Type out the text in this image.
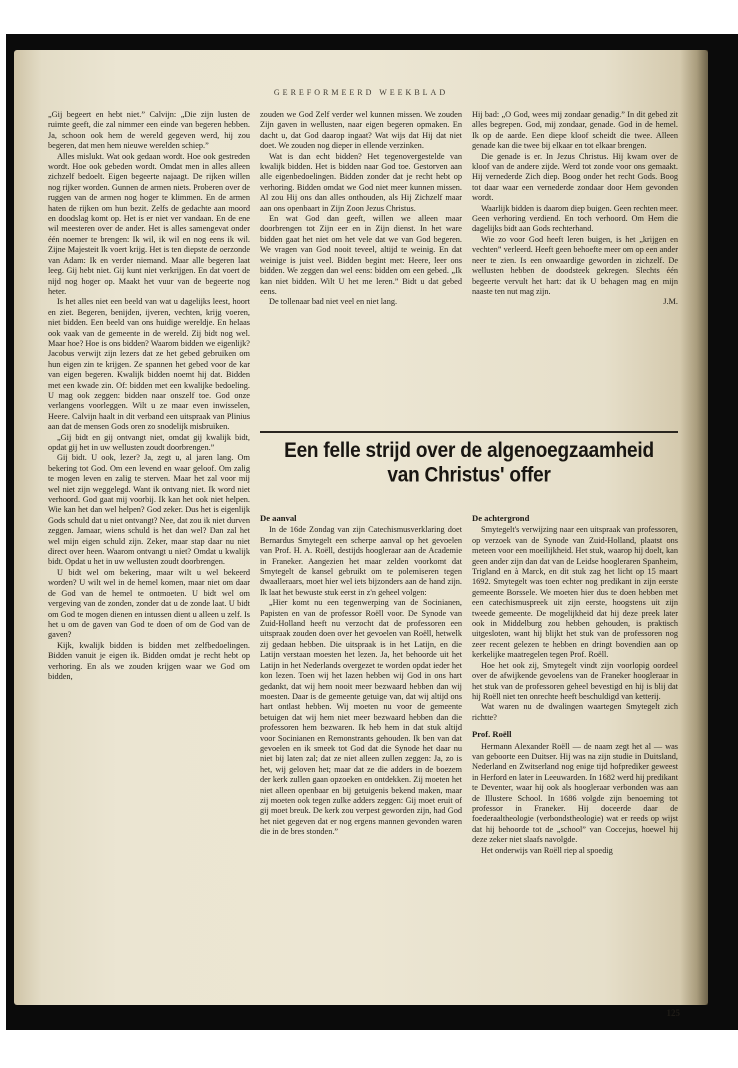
GEREFORMEERD WEEKBLAD

„Gij begeert en hebt niet.” Calvijn: „Die zijn lusten de ruimte geeft, die zal nimmer een einde van begeren hebben. Ja, schoon ook hem de wereld gegeven werd, hij zou begeren, dat men hem nieuwe werelden schiep.”

Alles mislukt. Wat ook gedaan wordt. Hoe ook gestreden wordt. Hoe ook gebeden wordt. Omdat men in alles alleen zichzelf bedoelt. Eigen begeerte najaagt. De rijken willen nog rijker worden. Gunnen de armen niets. Proberen over de ruggen van de armen nog hoger te klimmen. En de armen haten de rijken om hun bezit. Zelfs de gedachte aan moord en doodslag komt op. Het is er niet ver vandaan. En de ene wil meesteren over de ander. Het is alles samengevat onder één noemer te brengen: Ik wil, ik wil en nog eens ik wil. Zijne Majesteit Ik voert krijg. Het is ten diepste de oerzonde van Adam: Ik en verder niemand. Maar alle begeren laat leeg. Gij hebt niet. Gij kunt niet verkrijgen. En dat voert de nijd nog hoger op. Maakt het vuur van de begeerte nog heter.

Is het alles niet een beeld van wat u dagelijks leest, hoort en ziet. Begeren, benijden, ijveren, vechten, krijg voeren, niet bidden. Een beeld van ons huidige wereldje. En helaas ook vaak van de gemeente in de wereld. Zij bidt nog wel. Maar hoe? Hoe is ons bidden? Waarom bidden we eigenlijk? Jacobus verwijt zijn lezers dat ze het gebed gebruiken om hun eigen zin te krijgen. Ze spannen het gebed voor de kar van eigen begeren. Kwalijk bidden noemt hij dat. Bidden met een kwade zin. Of: bidden met een kwalijke bedoeling. U mag ook zeggen: bidden naar onszelf toe. God onze verlangens voorleggen. Wilt u ze maar even inwisselen, Heere. Calvijn haalt in dit verband een uitspraak van Plinius aan dat de mensen Gods oren zo snodelijk misbruiken.

„Gij bidt en gij ontvangt niet, omdat gij kwalijk bidt, opdat gij het in uw wellusten zoudt doorbrengen.”

Gij bidt. U ook, lezer? Ja, zegt u, al jaren lang. Om bekering tot God. Om een levend en waar geloof. Om zalig te mogen leven en zalig te sterven. Maar het zal voor mij wel niet zijn weggelegd. Want ik ontvang niet. Ik word niet verhoord. God gaat mij voorbij. Ik kan het ook niet helpen. Wie kan het dan wel helpen? God zeker. Dus het is eigenlijk Gods schuld dat u niet ontvangt? Nee, dat zou ik niet durven zeggen. Jamaar, wiens schuld is het dan wel? Dan zal het wel mijn eigen schuld zijn. Zeker, maar stap daar nu niet direct over heen. Waarom ontvangt u niet? Omdat u kwalijk bidt. Opdat u het in uw wellusten zoudt doorbrengen.

U bidt wel om bekering, maar wilt u wel bekeerd worden? U wilt wel in de hemel komen, maar niet om daar de God van de hemel te ontmoeten. U bidt wel om vergeving van de zonden, zonder dat u de zonde laat. U bidt om God te mogen dienen en intussen dient u alleen u zelf. Is het u om de gaven van God te doen of om de God van de gaven?

Kijk, kwalijk bidden is bidden met zelfbedoelingen. Bidden vanuit je eigen ik. Bidden omdat je recht hebt op verhoring. En als we zouden krijgen waar we God om bidden,

zouden we God Zelf verder wel kunnen missen. We zouden Zijn gaven in wellusten, naar eigen begeren opmaken. En dacht u, dat God daarop ingaat? Wat wijs dat Hij dat niet doet. We zouden nog dieper in ellende verzinken.

Wat is dan echt bidden? Het tegenovergestelde van kwalijk bidden. Het is bidden naar God toe. Gestorven aan alle eigenbedoelingen. Bidden zonder dat je recht hebt op verhoring. Bidden omdat we God niet meer kunnen missen. Al zou Hij ons dan alles onthouden, als Hij Zichzelf maar aan ons openbaart in Zijn Zoon Jezus Christus.

En wat God dan geeft, willen we alleen maar doorbrengen tot Zijn eer en in Zijn dienst. In het ware bidden gaat het niet om het vele dat we van God begeren. We vragen van God nooit teveel, altijd te weinig. En dat weinige is juist veel. Bidden begint met: Heere, leer ons bidden. We zeggen dan wel eens: bidden om een gebed. „Ik kan niet bidden. Wilt U het me leren.” Bidt u dat gebed eens.

De tollenaar bad niet veel en niet lang.

Hij bad: „O God, wees mij zondaar genadig.” In dit gebed zit alles begrepen. God, mij zondaar, genade. God in de hemel. Ik op de aarde. Een diepe kloof scheidt die twee. Alleen genade kan die twee bij elkaar en tot elkaar brengen.

Die genade is er. In Jezus Christus. Hij kwam over de kloof van de andere zijde. Werd tot zonde voor ons gemaakt. Hij vernederde Zich diep. Boog onder het recht Gods. Boog tot daar waar een vernederde zondaar door Hem gevonden wordt.

Waarlijk bidden is daarom diep buigen. Geen rechten meer. Geen verhoring verdiend. En toch verhoord. Om Hem die dagelijks bidt aan Gods rechterhand.

Wie zo voor God heeft leren buigen, is het „krijgen en vechten” verleerd. Heeft geen behoefte meer om op een ander neer te zien. Is een onwaardige geworden in zichzelf. De wellusten hebben de doodsteek gekregen. Slechts één begeerte vervult het hart: dat ik U behagen mag en mijn naaste ten nut mag zijn.

J.M.
Een felle strijd over de algenoegzaamheid
van Christus' offer

De aanval

In de 16de Zondag van zijn Catechismusverklaring doet Bernardus Smytegelt een scherpe aanval op het gevoelen van Prof. H. A. Roëll, destijds hoogleraar aan de Academie in Franeker. Aangezien het maar zelden voorkomt dat Smytegelt de kansel gebruikt om te polemiseren tegen dwaalleraars, moet hier wel iets bijzonders aan de hand zijn. Ik laat het bewuste stuk eerst in z'n geheel volgen:

„Hier komt nu een tegenwerping van de Socinianen, Papisten en van de professor Roëll voor. De Synode van Zuid-Holland heeft nu verzocht dat de professoren een uitspraak zouden doen over het gevoelen van Roëll, hetwelk zij gedaan hebben. Die uitspraak is in het Latijn, en die Latijn verstaan moesten het lezen. Ja, het behoorde uit het Latijn in het Nederlands overgezet te worden opdat ieder het kon lezen. Toen wij het lazen hebben wij God in ons hart gedankt, dat wij hem nooit meer bezwaard hebben dan wij moesten. Daar is de gemeente getuige van, dat wij altijd ons hart ontlast hebben. Wij moeten nu voor de gemeente betuigen dat wij hem niet meer bezwaard hebben dan die professoren hem bezwaren. Ik heb hem in dat stuk altijd voor Socinianen en Remonstrants gehouden. Ik ben van dat gevoelen en ik smeek tot God dat die Synode het daar nu niet bij laten zal; dat ze niet alleen zullen zeggen: Ja, zo is het, wij geloven het; maar dat ze die adders in de boezem der kerk zullen gaan opzoeken en ontdekken. Zij moeten het niet alleen openbaar en bij getuigenis bekend maken, maar zij moeten ook tegen zulke adders zeggen: Gij moet eruit of gij moet breuk. De kerk zou verpest geworden zijn, had God het niet gegeven dat er nog ergens mannen gevonden waren die in de bres stonden.”

De achtergrond

Smytegelt's verwijzing naar een uitspraak van professoren, op verzoek van de Synode van Zuid-Holland, plaatst ons meteen voor een moeilijkheid. Het stuk, waarop hij doelt, kan geen ander zijn dan dat van de Leidse hoogleraren Spanheim, Trigland en à Marck, en dit stuk zag het licht op 15 maart 1692. Smytegelt was toen echter nog predikant in zijn eerste gemeente Borssele. We moeten hier dus te doen hebben met een catechismuspreek uit zijn eerste, hoogstens uit zijn tweede gemeente. De mogelijkheid dat hij deze preek later ook in Middelburg zou hebben gehouden, is praktisch uitgesloten, want hij blijkt het stuk van de professoren nog zeer recent gelezen te hebben en dringt bovendien aan op kerkelijke maatregelen tegen Prof. Roëll.

Hoe het ook zij, Smytegelt vindt zijn voorlopig oordeel over de afwijkende gevoelens van de Franeker hoogleraar in het stuk van de professoren geheel bevestigd en hij is blij dat hij Roëll niet ten onrechte heeft beschuldigd van ketterij.

Wat waren nu de dwalingen waartegen Smytegelt zich richtte?

Prof. Roëll

Hermann Alexander Roëll — de naam zegt het al — was van geboorte een Duitser. Hij was na zijn studie in Duitsland, Nederland en Zwitserland nog enige tijd hofprediker geweest in Herford en later in Leeuwarden. In 1682 werd hij predikant te Deventer, waar hij ook als hoogleraar verbonden was aan de Illustere School. In 1686 volgde zijn benoeming tot professor in Franeker. Hij doceerde daar de foederaaltheologie (verbondstheologie) wat er reeds op wijst dat hij behoorde tot de „school” van Coccejus, hoewel hij deze zeker niet slaafs navolgde.

Het onderwijs van Roëll riep al spoedig

125
